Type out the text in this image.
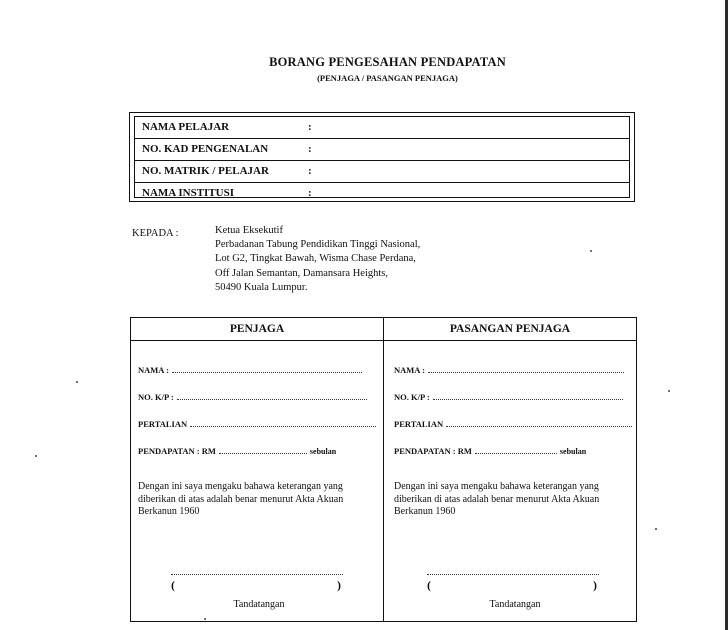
BORANG PENGESAHAN PENDAPATAN
(PENJAGA / PASANGAN PENJAGA)
NAMA PELAJAR	:
NO. KAD PENGENALAN	:
NO. MATRIK / PELAJAR	:
NAMA INSTITUSI	:
KEPADA :	Ketua Eksekutif
Perbadanan Tabung Pendidikan Tinggi Nasional,
Lot G2, Tingkat Bawah, Wisma Chase Perdana,
Off Jalan Semantan, Damansara Heights,
50490 Kuala Lumpur.
PENJAGA
NAMA :
NO. K/P :
PERTALIAN
PENDAPATAN : RM	sebulan
Dengan ini saya mengaku bahawa keterangan yang diberikan di atas adalah benar menurut Akta Akuan Berkanun 1960
(	)
Tandatangan
PASANGAN PENJAGA
NAMA :
NO. K/P :
PERTALIAN
PENDAPATAN : RM	sebulan
Dengan ini saya mengaku bahawa keterangan yang diberikan di atas adalah benar menurut Akta Akuan Berkanun 1960
(	)
Tandatangan
